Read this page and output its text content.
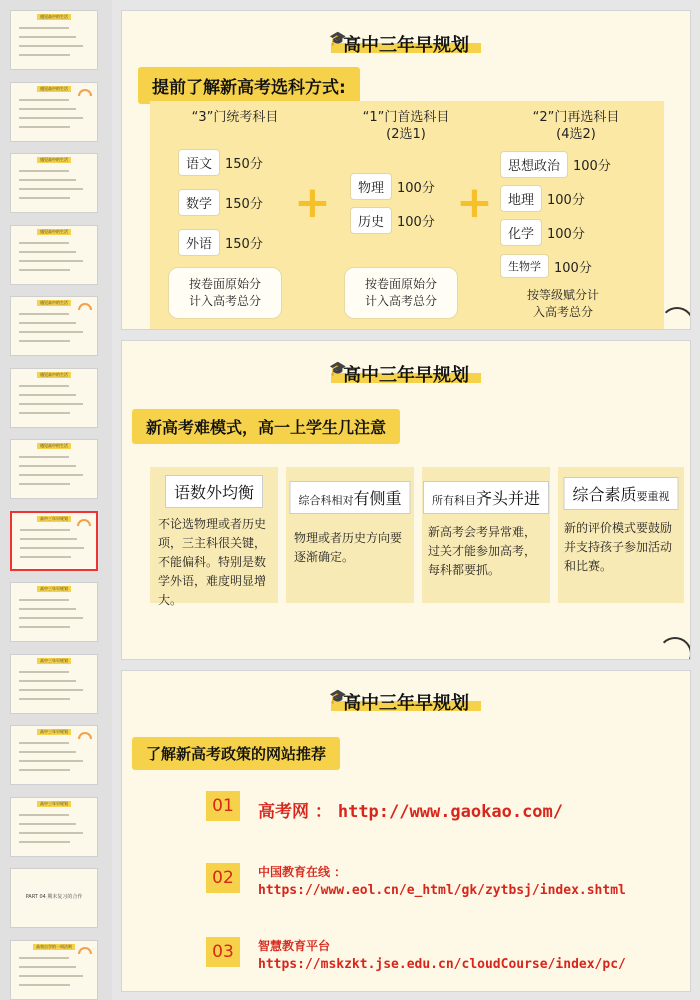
遇见高中的生活
遇见高中的生活
遇见高中的生活
遇见高中的生活
遇见高中的生活
遇见高中的生活
遇见高中的生活
高中三年早规划
高中三年早规划
高中三年早规划
高中三年早规划
高中三年早规划
PART 04 期末复习的合作
高效自学的一周法则
🎓
高中三年早规划
提前了解新高考选科方式:
“3”门统考科目
语文	150分
数学	150分
外语	150分
按卷面原始分
计入高考总分
+
“1”门首选科目
(2选1)
物理	100分
历史	100分
按卷面原始分
计入高考总分
+
“2”门再选科目
(4选2)
思想政治	100分
地理	100分
化学	100分
生物学	100分
按等级赋分计
入高考总分
🎓
高中三年早规划
新高考难模式，高一上学生几注意
语数外均衡
不论选物理或者历史项，三主科很关键，不能偏科。特别是数学外语，难度明显增大。
综合科相对有侧重
物理或者历史方向要逐渐确定。
所有科目齐头并进
新高考会考异常难，过关才能参加高考，每科都要抓。
综合素质要重视
新的评价模式要鼓励并支持孩子参加活动和比赛。
🎓
高中三年早规划
了解新高考政策的网站推荐
01	高考网 ： http://www.gaokao.com/
02	中国教育在线 ：
https://www.eol.cn/e_html/gk/zytbsj/index.shtml
03	智慧教育平台
https://mskzkt.jse.edu.cn/cloudCourse/index/pc/
